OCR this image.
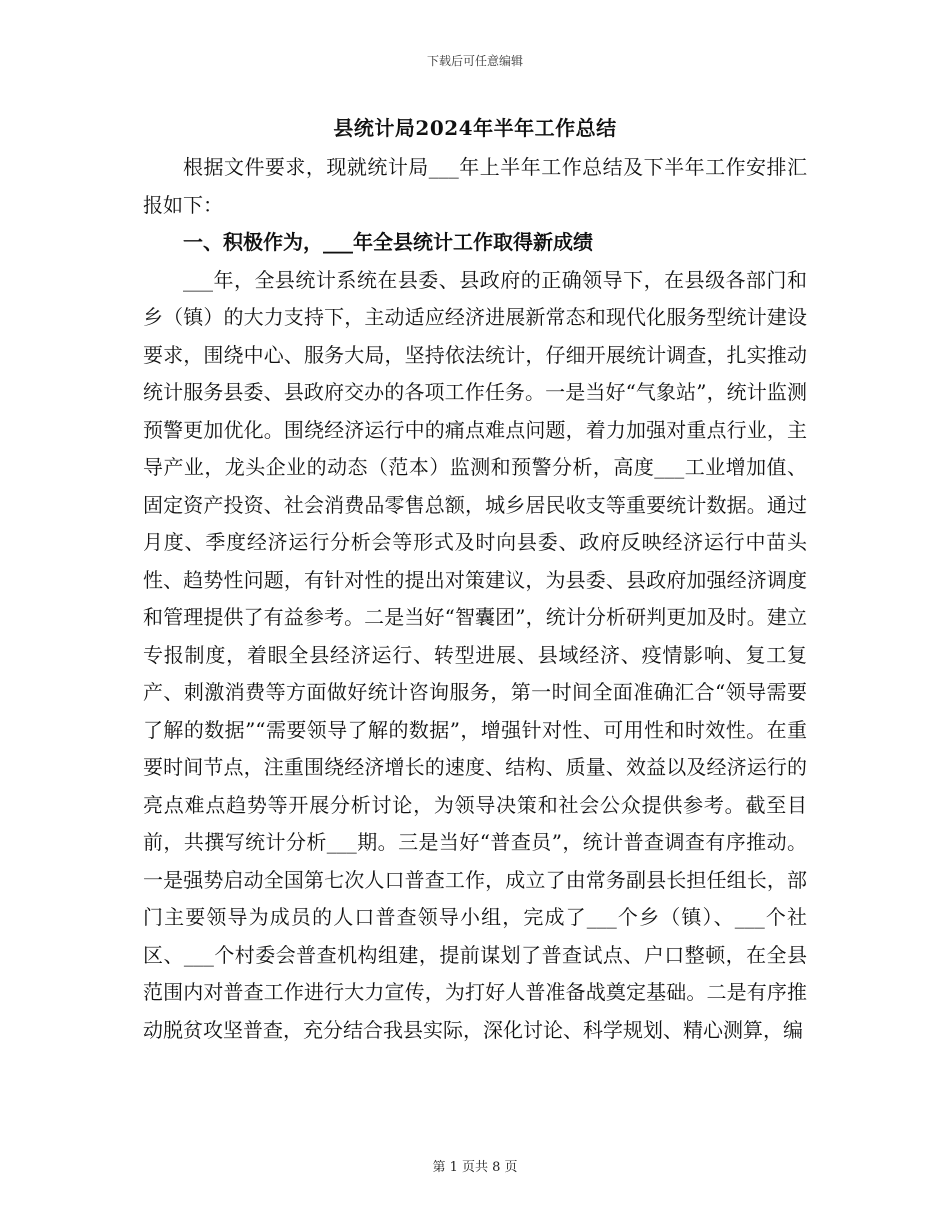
下载后可任意编辑
县统计局2024年半年工作总结

根据文件要求，现就统计局___年上半年工作总结及下半年工作安排汇报如下：

一、积极作为，___年全县统计工作取得新成绩

___年，全县统计系统在县委、县政府的正确领导下，在县级各部门和乡（镇）的大力支持下，主动适应经济进展新常态和现代化服务型统计建设要求，围绕中心、服务大局，坚持依法统计，仔细开展统计调查，扎实推动统计服务县委、县政府交办的各项工作任务。一是当好“气象站”，统计监测预警更加优化。围绕经济运行中的痛点难点问题，着力加强对重点行业，主导产业，龙头企业的动态（范本）监测和预警分析，高度___工业增加值、固定资产投资、社会消费品零售总额，城乡居民收支等重要统计数据。通过月度、季度经济运行分析会等形式及时向县委、政府反映经济运行中苗头性、趋势性问题，有针对性的提出对策建议，为县委、县政府加强经济调度和管理提供了有益参考。二是当好“智囊团”，统计分析研判更加及时。建立专报制度，着眼全县经济运行、转型进展、县域经济、疫情影响、复工复产、刺激消费等方面做好统计咨询服务，第一时间全面准确汇合“领导需要了解的数据”“需要领导了解的数据”，增强针对性、可用性和时效性。在重要时间节点，注重围绕经济增长的速度、结构、质量、效益以及经济运行的亮点难点趋势等开展分析讨论，为领导决策和社会公众提供参考。截至目前，共撰写统计分析___期。三是当好“普查员”，统计普查调查有序推动。一是强势启动全国第七次人口普查工作，成立了由常务副县长担任组长，部门主要领导为成员的人口普查领导小组，完成了___个乡（镇）、___个社区、___个村委会普查机构组建，提前谋划了普查试点、户口整顿，在全县范围内对普查工作进行大力宣传，为打好人普准备战奠定基础。二是有序推动脱贫攻坚普查，充分结合我县实际，深化讨论、科学规划、精心测算，编

第 1 页共 8 页
